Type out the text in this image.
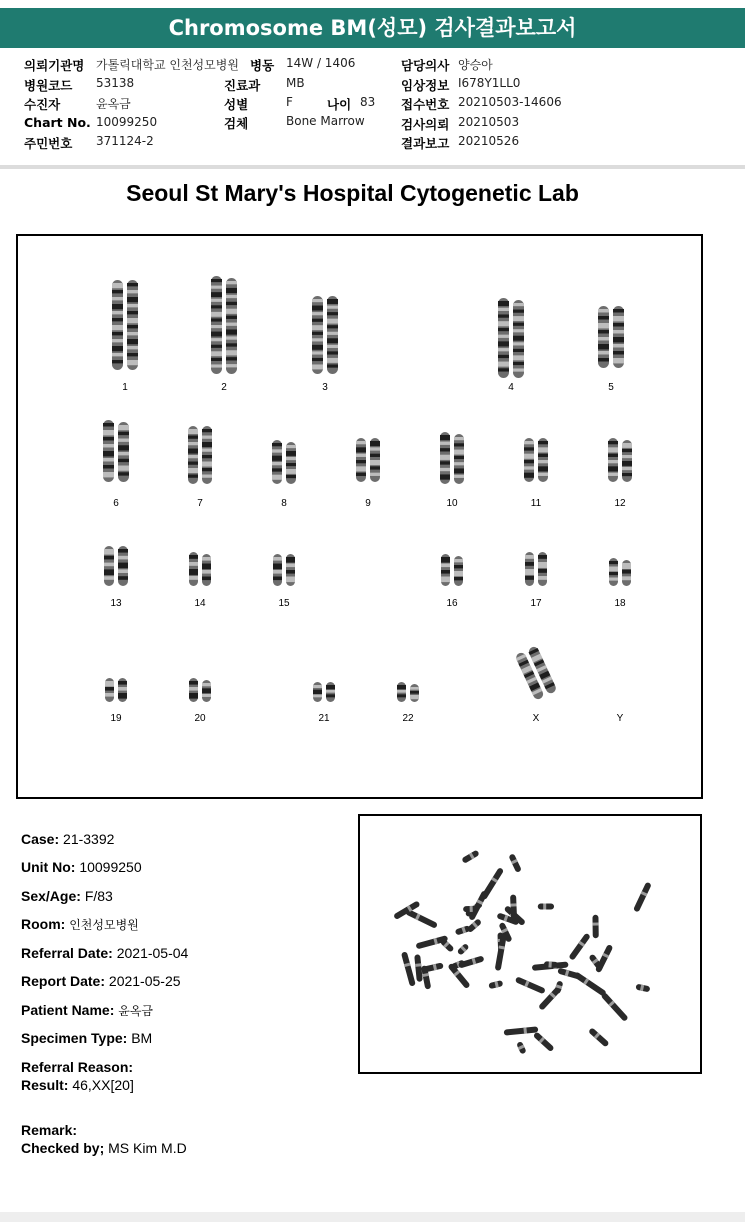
Chromosome BM(성모) 검사결과보고서
의뢰기관명 가톨릭대학교 인천성모병원 병동 14W / 1406	담당의사 양승아
병원코드 53138	진료과 MB	임상정보 I678Y1LL0
수진자	윤옥금	성별	F	나이 83 접수번호 20210503-14606
Chart No. 10099250	검체	Bone Marrow	검사의뢰 20210503
주민번호 371124-2	결과보고 20210526
Seoul St Mary's Hospital Cytogenetic Lab
1	2	3	4	5
6	7	8	9	10	11	12
13	14	15	16	17	18
19	20	21	22	X	Y
Case: 21-3392
Unit No: 10099250
Sex/Age: F/83
Room: 인천성모병원
Referral Date: 2021-05-04
Report Date: 2021-05-25
Patient Name: 윤옥금
Specimen Type: BM
Referral Reason:
Result: 46,XX[20]
Remark:
Checked by; MS Kim M.D
